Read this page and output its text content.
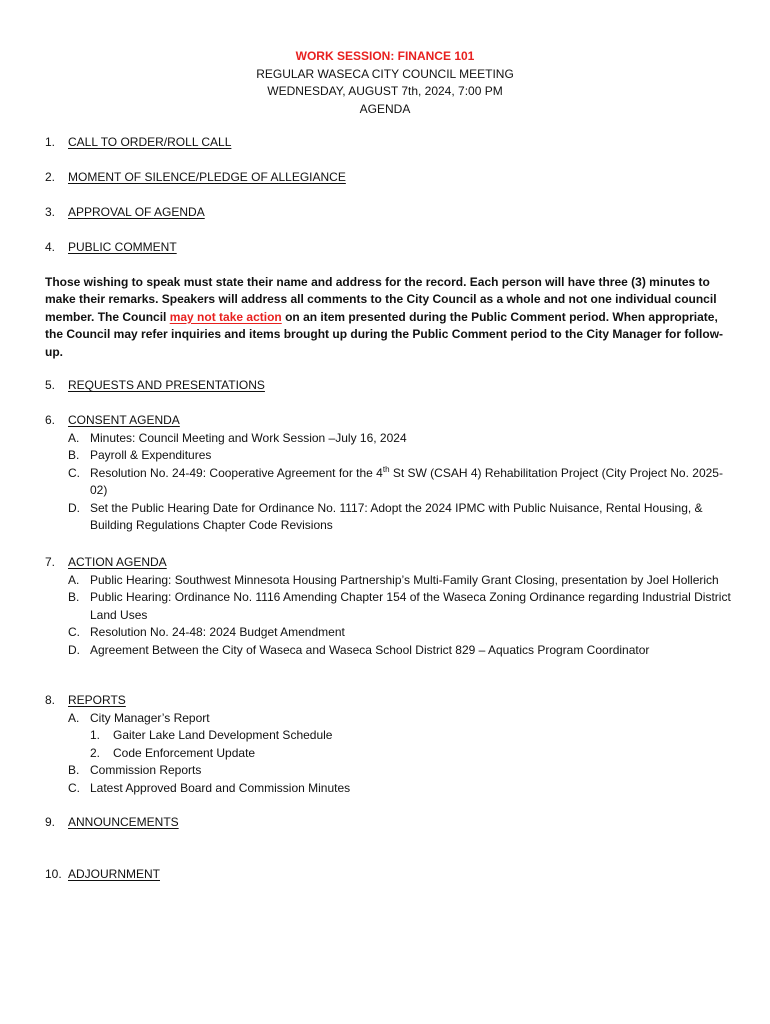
WORK SESSION: FINANCE 101
REGULAR WASECA CITY COUNCIL MEETING
WEDNESDAY, AUGUST 7th, 2024, 7:00 PM
AGENDA
1. CALL TO ORDER/ROLL CALL
2. MOMENT OF SILENCE/PLEDGE OF ALLEGIANCE
3. APPROVAL OF AGENDA
4. PUBLIC COMMENT
Those wishing to speak must state their name and address for the record. Each person will have three (3) minutes to make their remarks. Speakers will address all comments to the City Council as a whole and not one individual council member. The Council may not take action on an item presented during the Public Comment period. When appropriate, the Council may refer inquiries and items brought up during the Public Comment period to the City Manager for follow-up.
5. REQUESTS AND PRESENTATIONS
6. CONSENT AGENDA
A. Minutes: Council Meeting and Work Session –July 16, 2024
B. Payroll & Expenditures
C. Resolution No. 24-49: Cooperative Agreement for the 4th St SW (CSAH 4) Rehabilitation Project (City Project No. 2025-02)
D. Set the Public Hearing Date for Ordinance No. 1117: Adopt the 2024 IPMC with Public Nuisance, Rental Housing, & Building Regulations Chapter Code Revisions
7. ACTION AGENDA
A. Public Hearing: Southwest Minnesota Housing Partnership’s Multi-Family Grant Closing, presentation by Joel Hollerich
B. Public Hearing: Ordinance No. 1116 Amending Chapter 154 of the Waseca Zoning Ordinance regarding Industrial District Land Uses
C. Resolution No. 24-48: 2024 Budget Amendment
D. Agreement Between the City of Waseca and Waseca School District 829 – Aquatics Program Coordinator
8. REPORTS
A. City Manager’s Report
1.	Gaiter Lake Land Development Schedule
2.	Code Enforcement Update
B. Commission Reports
C. Latest Approved Board and Commission Minutes
9. ANNOUNCEMENTS
10. ADJOURNMENT
